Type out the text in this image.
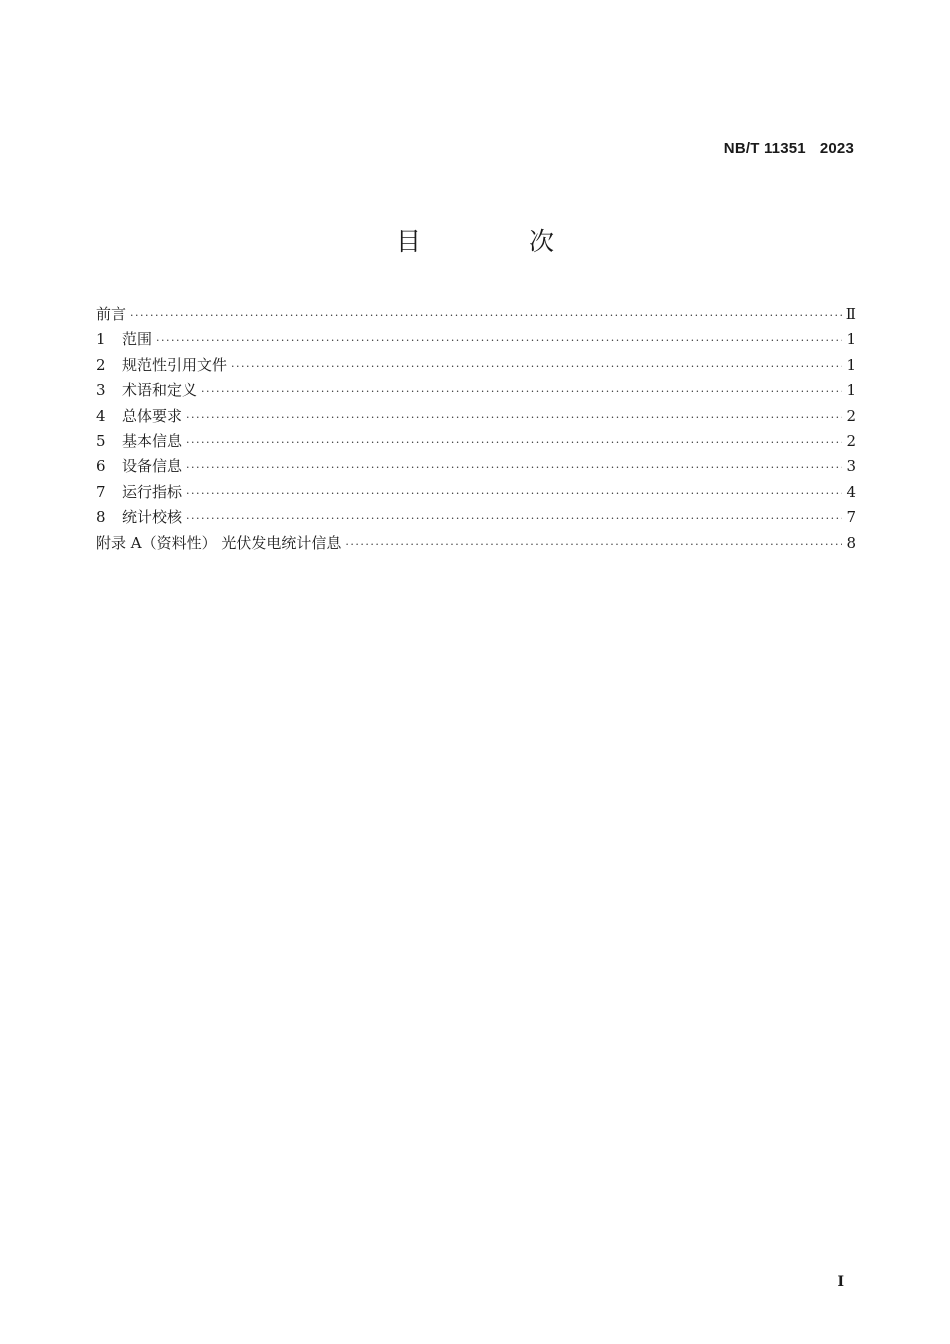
NB/T 11351 2023
目 次
前言 ·····	Ⅱ
1	范围 ·····	1
2	规范性引用文件 ·····	1
3	术语和定义 ·····	1
4	总体要求 ·····	2
5	基本信息 ·····	2
6	设备信息 ·····	3
7	运行指标 ·····	4
8	统计校核 ·····	7
附录 A（资料性） 光伏发电统计信息 ·····	8
I
